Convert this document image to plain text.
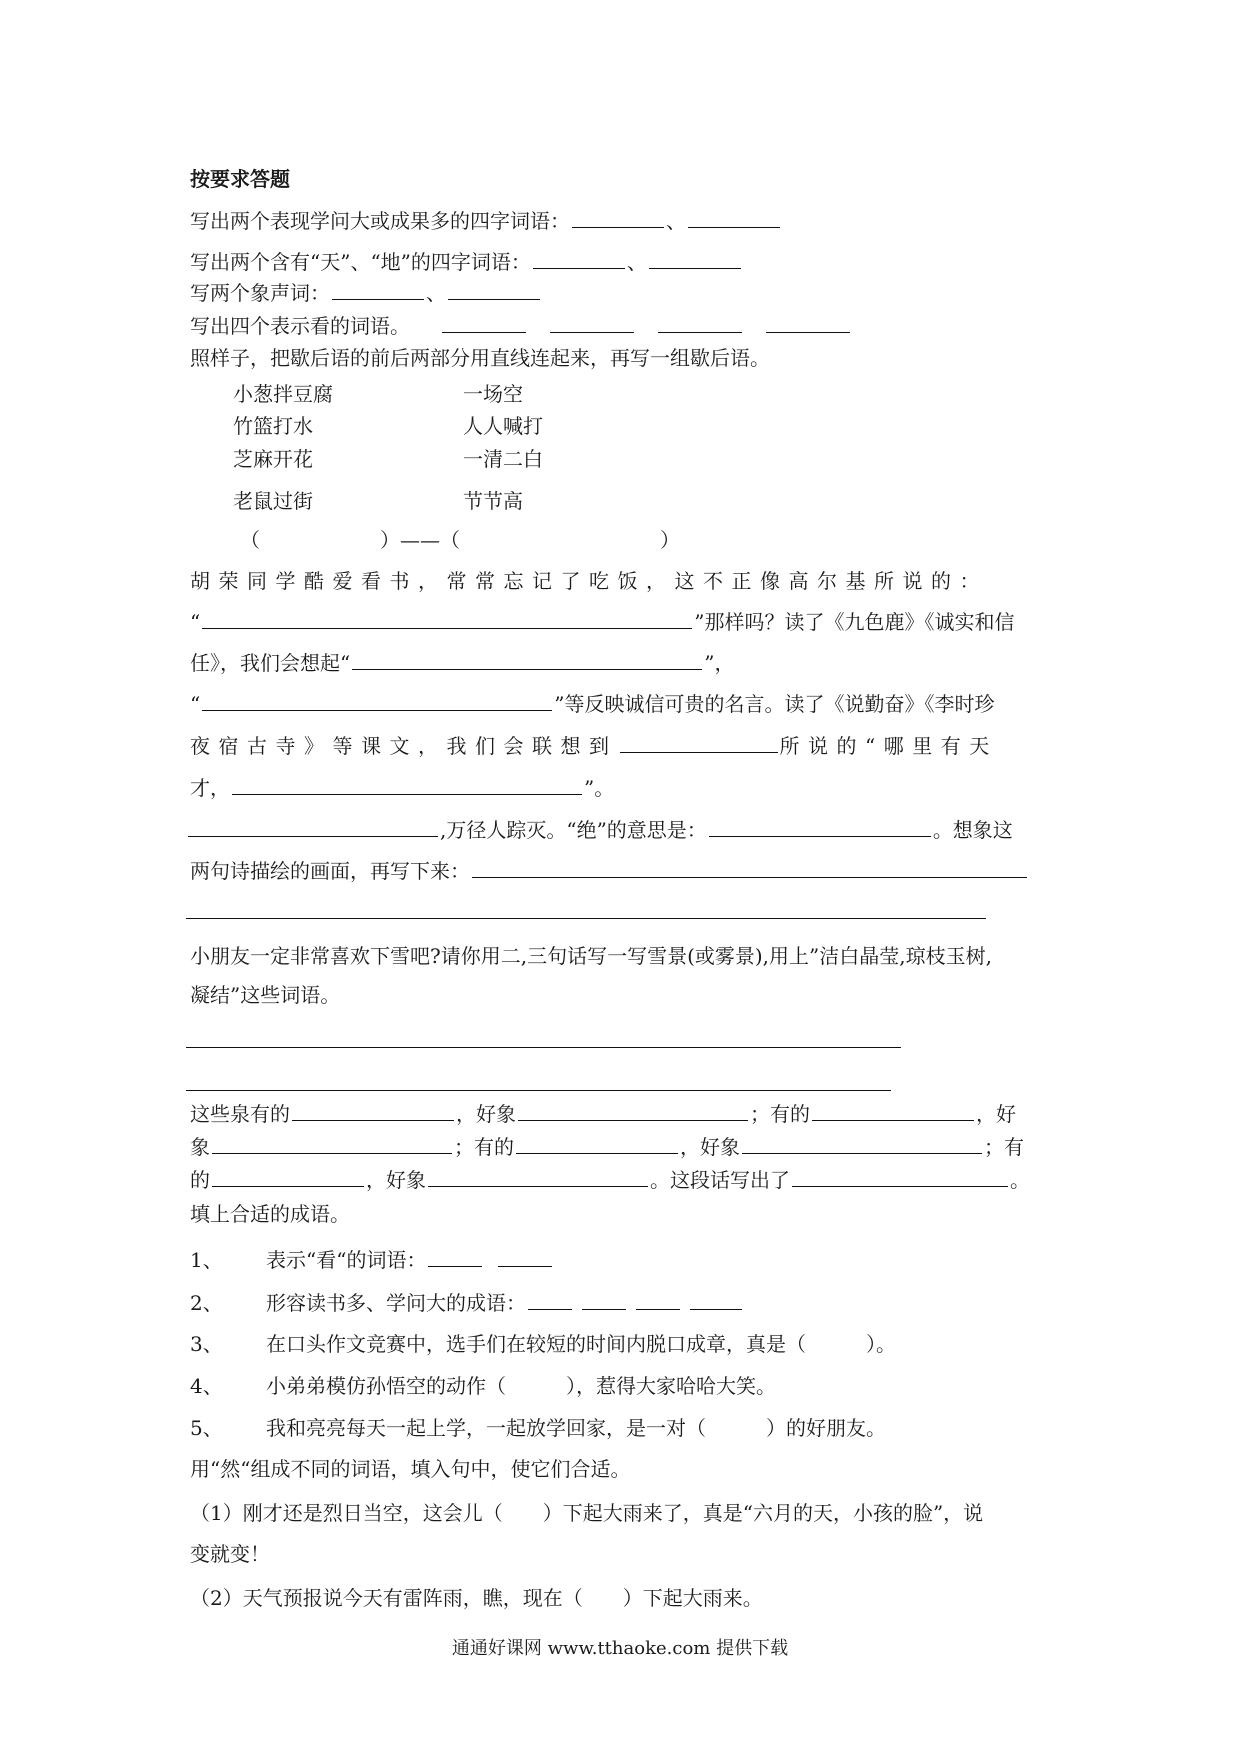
按要求答题
写出两个表现学问大或成果多的四字词语：	、
写出两个含有“天”、“地”的四字词语：	、
写两个象声词：	、
写出四个表示看的词语。
照样子，把歇后语的前后两部分用直线连起来，再写一组歇后语。
小葱拌豆腐	一场空
竹篮打水	人人喊打
芝麻开花	一清二白
老鼠过街	节节高
（　　　　　　）——（　　　　　　　　　　）
胡荣同学酷爱看书，常常忘记了吃饭，这不正像高尔基所说的：
“	”那样吗？读了《九色鹿》《诚实和信
任》，我们会想起“	”，
“	”等反映诚信可贵的名言。读了《说勤奋》《李时珍
夜宿古寺》等课文，我们会联想到	所说的“哪里有天
才，	”。
,万径人踪灭。“绝”的意思是：	。想象这
两句诗描绘的画面，再写下来：
小朋友一定非常喜欢下雪吧?请你用二,三句话写一写雪景(或雾景),用上”洁白晶莹,琼枝玉树,
凝结”这些词语。
这些泉有的	，好象	；有的	，好
象	；有的	，好象	；有
的	，好象	。这段话写出了	。
填上合适的成语。
1、 表示“看“的词语：
2、 形容读书多、学问大的成语：
3、 在口头作文竞赛中，选手们在较短的时间内脱口成章，真是（　　　）。
4、 小弟弟模仿孙悟空的动作（　　　），惹得大家哈哈大笑。
5、 我和亮亮每天一起上学，一起放学回家，是一对（　　　）的好朋友。
用“然“组成不同的词语，填入句中，使它们合适。
（1）刚才还是烈日当空，这会儿（　　）下起大雨来了，真是“六月的天，小孩的脸”，说
变就变！
（2）天气预报说今天有雷阵雨，瞧，现在（　　）下起大雨来。
通通好课网 www.tthaoke.com 提供下载
